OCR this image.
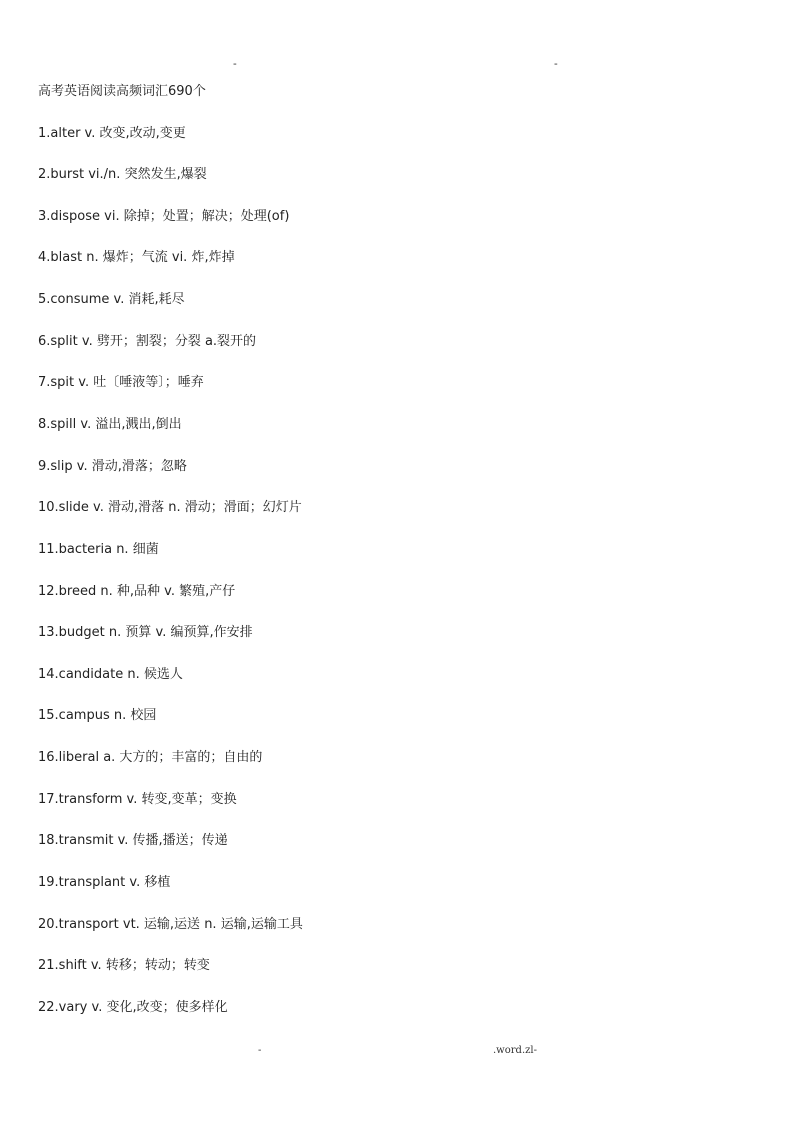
-	-
高考英语阅读高频词汇690个
1.alter v. 改变,改动,变更
2.burst vi./n. 突然发生,爆裂
3.dispose vi. 除掉；处置；解决；处理(of)
4.blast n. 爆炸；气流 vi. 炸,炸掉
5.consume v. 消耗,耗尽
6.split v. 劈开；割裂；分裂 a.裂开的
7.spit v. 吐〔唾液等〕；唾弃
8.spill v. 溢出,溅出,倒出
9.slip v. 滑动,滑落；忽略
10.slide v. 滑动,滑落 n. 滑动；滑面；幻灯片
11.bacteria n. 细菌
12.breed n. 种,品种 v. 繁殖,产仔
13.budget n. 预算 v. 编预算,作安排
14.candidate n. 候选人
15.campus n. 校园
16.liberal a. 大方的；丰富的；自由的
17.transform v. 转变,变革；变换
18.transmit v. 传播,播送；传递
19.transplant v. 移植
20.transport vt. 运输,运送 n. 运输,运输工具
21.shift v. 转移；转动；转变
22.vary v. 变化,改变；使多样化
-	.word.zl-
